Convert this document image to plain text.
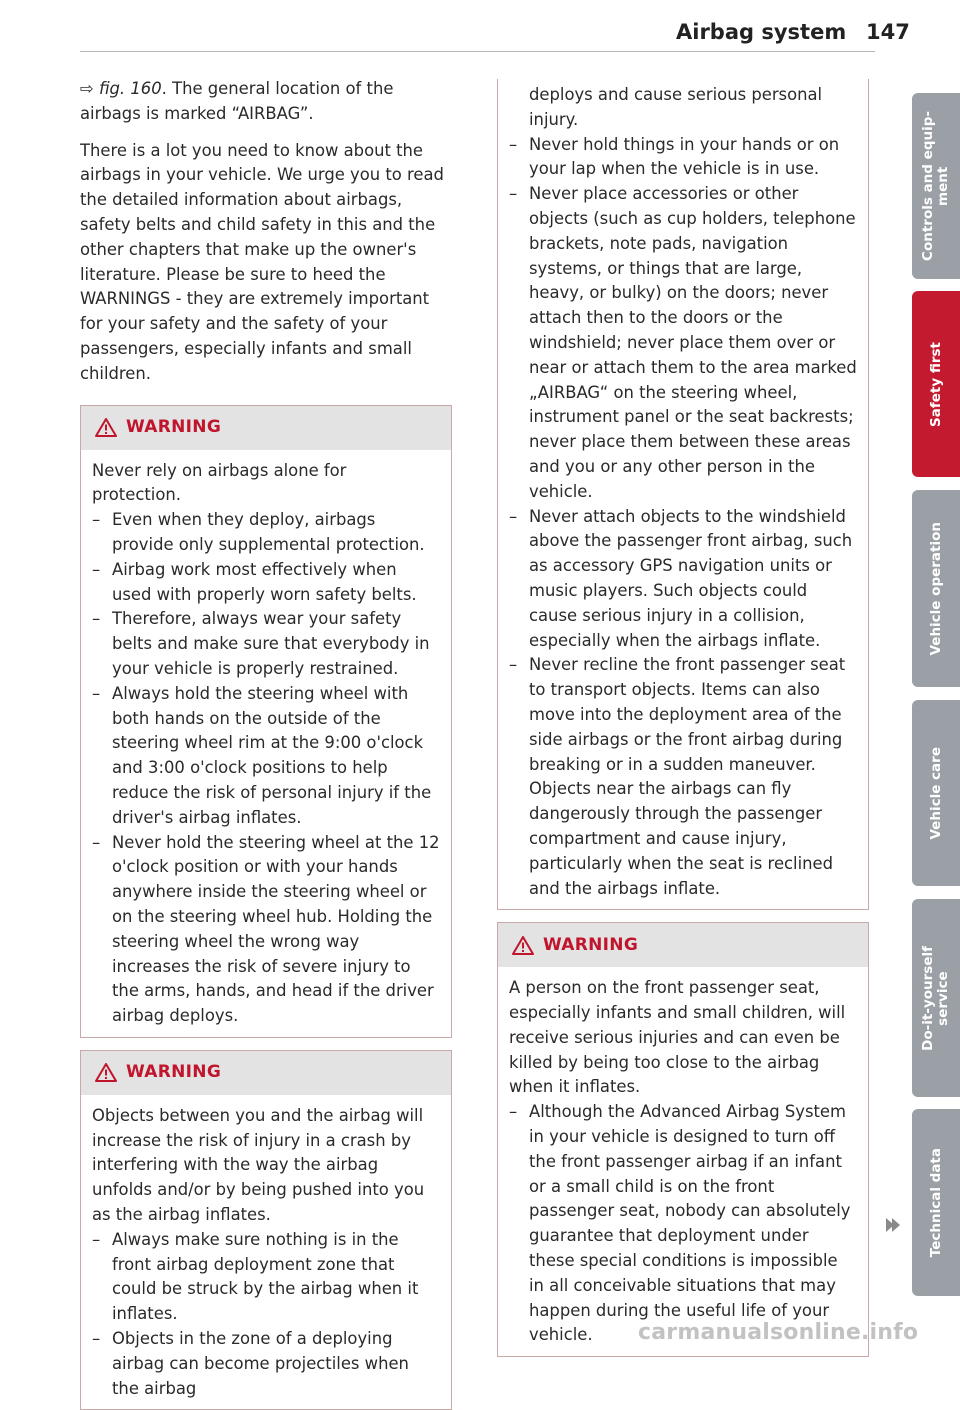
Airbag system 147

⇨ fig. 160. The general location of the airbags is marked “AIRBAG”.

There is a lot you need to know about the airbags in your vehicle. We urge you to read the detailed information about airbags, safety belts and child safety in this and the other chapters that make up the owner's literature. Please be sure to heed the WARNINGS - they are extremely important for your safety and the safety of your passengers, especially infants and small children.

WARNING

Never rely on airbags alone for protection.

– Even when they deploy, airbags provide only supplemental protection.
– Airbag work most effectively when used with properly worn safety belts.
– Therefore, always wear your safety belts and make sure that everybody in your vehicle is properly restrained.
– Always hold the steering wheel with both hands on the outside of the steering wheel rim at the 9:00 o'clock and 3:00 o'clock positions to help reduce the risk of personal injury if the driver's airbag inflates.
– Never hold the steering wheel at the 12 o'clock position or with your hands anywhere inside the steering wheel or on the steering wheel hub. Holding the steering wheel the wrong way increases the risk of severe injury to the arms, hands, and head if the driver airbag deploys.
WARNING

Objects between you and the airbag will increase the risk of injury in a crash by interfering with the way the airbag unfolds and/or by being pushed into you as the airbag inflates.

– Always make sure nothing is in the front airbag deployment zone that could be struck by the airbag when it inflates.
– Objects in the zone of a deploying airbag can become projectiles when the airbag

deploys and cause serious personal injury.

– Never hold things in your hands or on your lap when the vehicle is in use.
– Never place accessories or other objects (such as cup holders, telephone brackets, note pads, navigation systems, or things that are large, heavy, or bulky) on the doors; never attach then to the doors or the windshield; never place them over or near or attach them to the area marked „AIRBAG“ on the steering wheel, instrument panel or the seat backrests; never place them between these areas and you or any other person in the vehicle.
– Never attach objects to the windshield above the passenger front airbag, such as accessory GPS navigation units or music players. Such objects could cause serious injury in a collision, especially when the airbags inflate.
– Never recline the front passenger seat to transport objects. Items can also move into the deployment area of the side airbags or the front airbag during breaking or in a sudden maneuver. Objects near the airbags can fly dangerously through the passenger compartment and cause injury, particularly when the seat is reclined and the airbags inflate.
WARNING

A person on the front passenger seat, especially infants and small children, will receive serious injuries and can even be killed by being too close to the airbag when it inflates.

– Although the Advanced Airbag System in your vehicle is designed to turn off the front passenger airbag if an infant or a small child is on the front passenger seat, nobody can absolutely guarantee that deployment under these special conditions is impossible in all conceivable situations that may happen during the useful life of your vehicle.
Controls and equip-
ment
Safety first
Vehicle operation
Vehicle care
Do-it-yourself
service
Technical data
carmanualsonline.info
